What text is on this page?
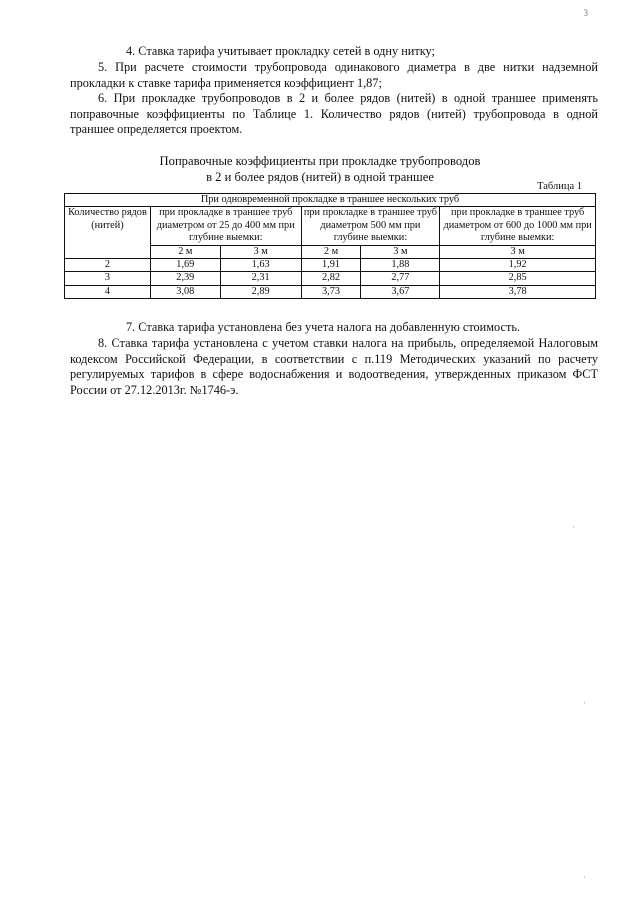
3
4. Ставка тарифа учитывает прокладку сетей в одну нитку;
5. При расчете стоимости трубопровода одинакового диаметра в две нитки надземной прокладки к ставке тарифа применяется коэффициент 1,87;
6. При прокладке трубопроводов в 2 и более рядов (нитей) в одной траншее применять поправочные коэффициенты по Таблице 1. Количество рядов (нитей) трубопровода в одной траншее определяется проектом.
Поправочные коэффициенты при прокладке трубопроводов
в 2 и более рядов (нитей) в одной траншее
Таблица 1
При одновременной прокладке в траншее нескольких труб					
Количество рядов (нитей)	при прокладке в траншее труб диаметром от 25 до 400 мм при глубине выемки:		при прокладке в траншее труб диаметром 500 мм при глубине выемки:		при прокладке в траншее труб диаметром от 600 до 1000 мм при глубине выемки:
	2 м	3 м	2 м	3 м	3 м
2	1,69	1,63	1,91	1,88	1,92
3	2,39	2,31	2,82	2,77	2,85
4	3,08	2,89	3,73	3,67	3,78
7. Ставка тарифа установлена без учета налога на добавленную стоимость.
8. Ставка тарифа установлена с учетом ставки налога на прибыль, определяемой Налоговым кодексом Российской Федерации, в соответствии с п.119 Методических указаний по расчету регулируемых тарифов в сфере водоснабжения и водоотведения, утвержденных приказом ФСТ России от 27.12.2013г. №1746-э.
·
·
·
